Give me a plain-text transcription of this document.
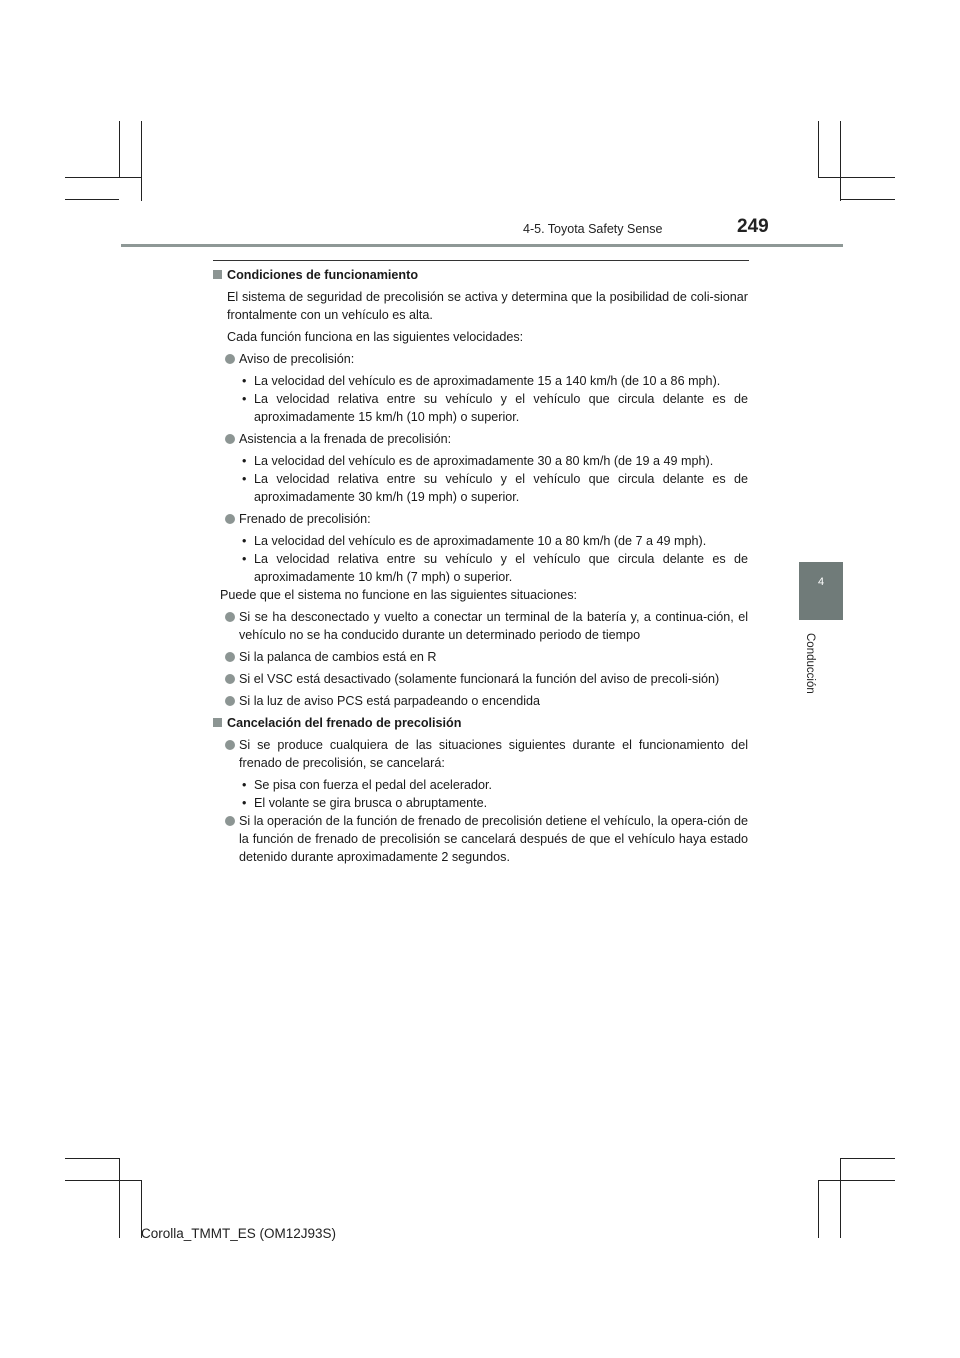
4-5. Toyota Safety Sense	249
4
Conducción
Condiciones de funcionamiento
El sistema de seguridad de precolisión se activa y determina que la posibilidad de coli-sionar frontalmente con un vehículo es alta.
Cada función funciona en las siguientes velocidades:
Aviso de precolisión:
• La velocidad del vehículo es de aproximadamente 15 a 140 km/h (de 10 a 86 mph).
• La velocidad relativa entre su vehículo y el vehículo que circula delante es de aproximadamente 15 km/h (10 mph) o superior.
Asistencia a la frenada de precolisión:
• La velocidad del vehículo es de aproximadamente 30 a 80 km/h (de 19 a 49 mph).
• La velocidad relativa entre su vehículo y el vehículo que circula delante es de aproximadamente 30 km/h (19 mph) o superior.
Frenado de precolisión:
• La velocidad del vehículo es de aproximadamente 10 a 80 km/h (de 7 a 49 mph).
• La velocidad relativa entre su vehículo y el vehículo que circula delante es de aproximadamente 10 km/h (7 mph) o superior.
Puede que el sistema no funcione en las siguientes situaciones:
Si se ha desconectado y vuelto a conectar un terminal de la batería y, a continua-ción, el vehículo no se ha conducido durante un determinado periodo de tiempo
Si la palanca de cambios está en R
Si el VSC está desactivado (solamente funcionará la función del aviso de precoli-sión)
Si la luz de aviso PCS está parpadeando o encendida
Cancelación del frenado de precolisión
Si se produce cualquiera de las situaciones siguientes durante el funcionamiento del frenado de precolisión, se cancelará:
• Se pisa con fuerza el pedal del acelerador.
• El volante se gira brusca o abruptamente.
Si la operación de la función de frenado de precolisión detiene el vehículo, la opera-ción de la función de frenado de precolisión se cancelará después de que el vehículo haya estado detenido durante aproximadamente 2 segundos.
Corolla_TMMT_ES (OM12J93S)
